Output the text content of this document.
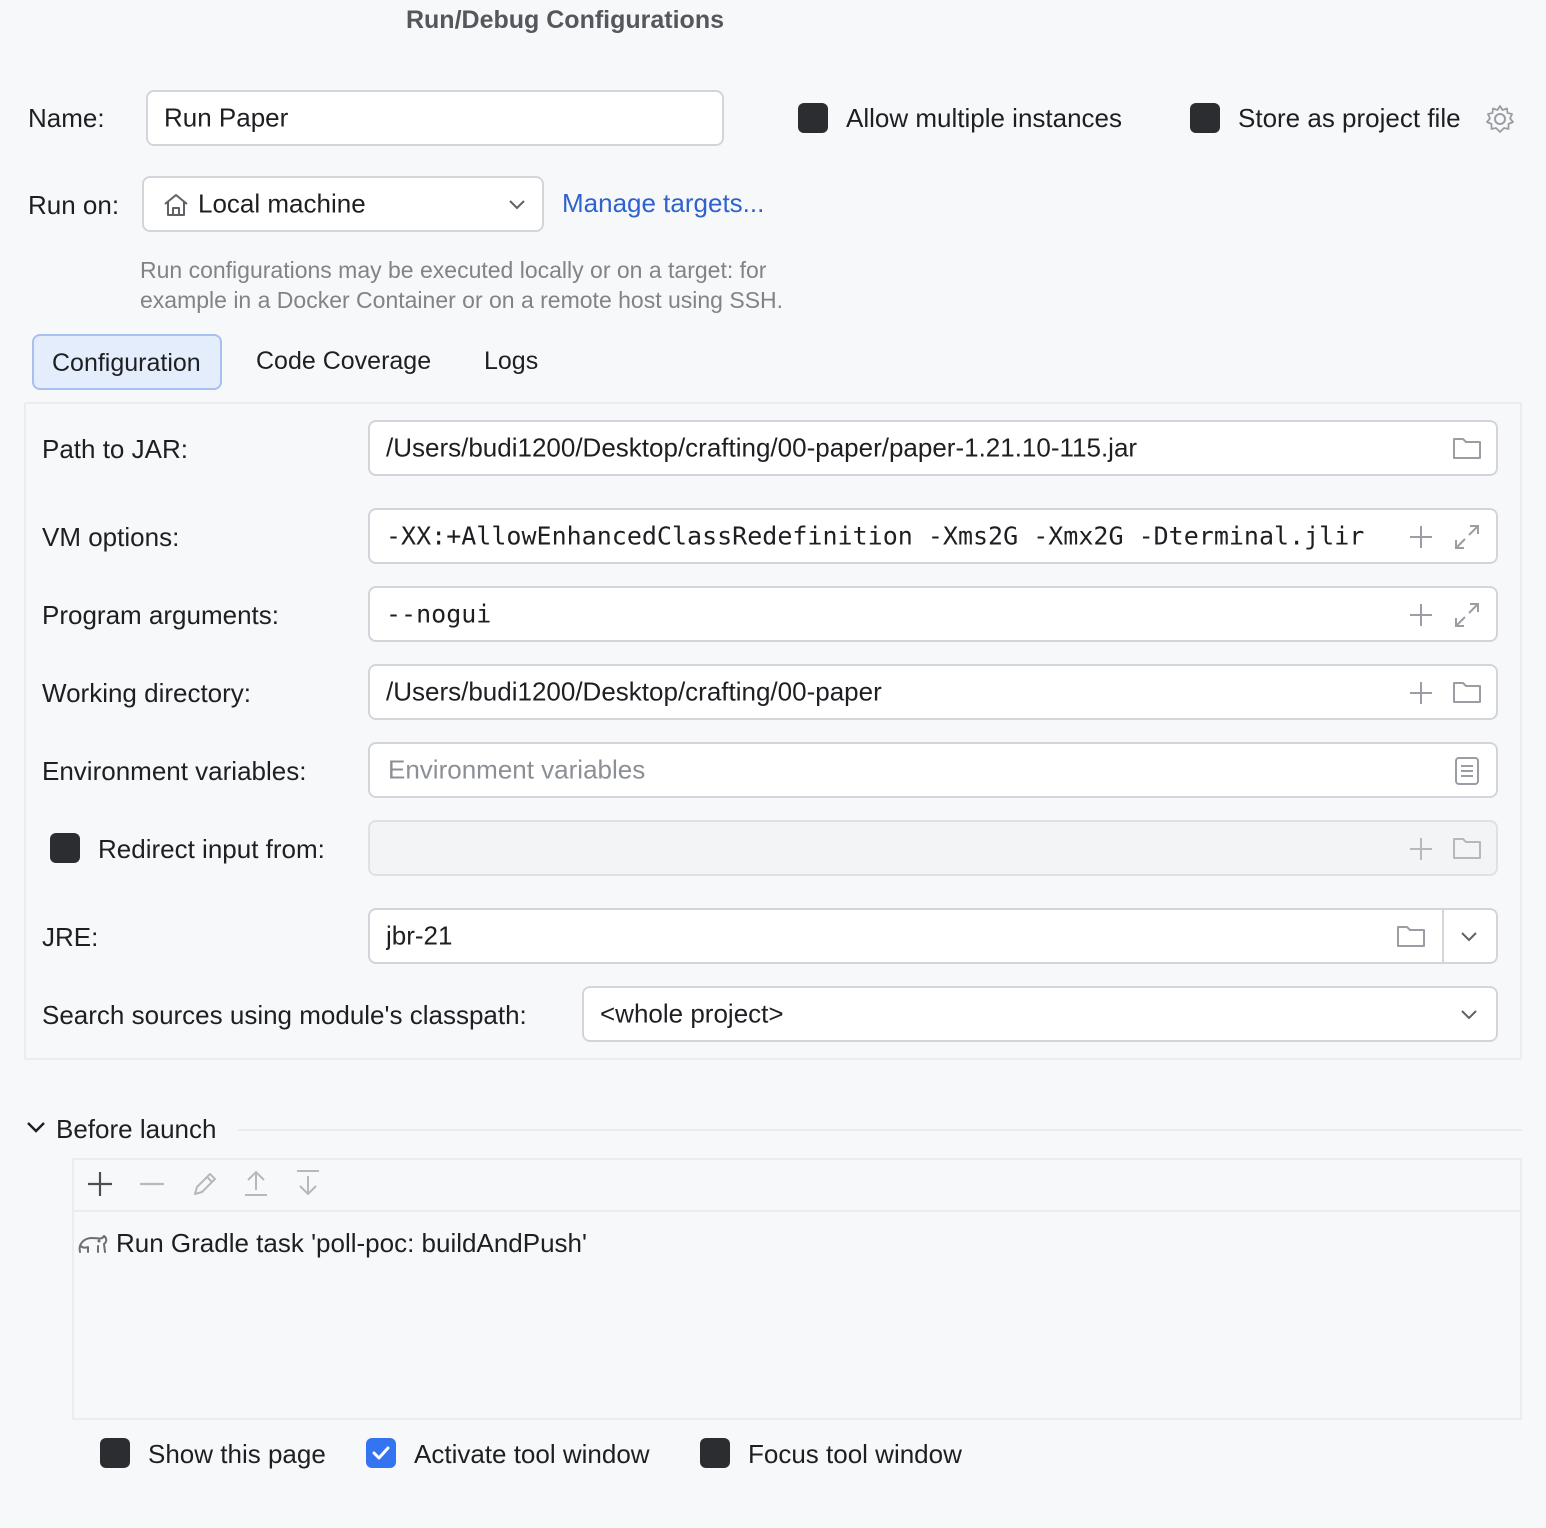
Run/Debug Configurations
Name: Run Paper	Allow multiple instances	Store as project file
Run on:	Local machine	Manage targets...
Run configurations may be executed locally or on a target: for
example in a Docker Container or on a remote host using SSH.
Configuration Code Coverage Logs
Path to JAR:	/Users/budi1200/Desktop/crafting/00-paper/paper-1.21.10-115.jar
VM options:	-XX:+AllowEnhancedClassRedefinition -Xms2G -Xmx2G -Dterminal.jlir
Program arguments:	--nogui
Working directory:	/Users/budi1200/Desktop/crafting/00-paper
Environment variables:	Environment variables
Redirect input from:
JRE:	jbr-21
Search sources using module's classpath:	<whole project>
Before launch
Run Gradle task 'poll-poc: buildAndPush'
Show this page	Activate tool window	Focus tool window
